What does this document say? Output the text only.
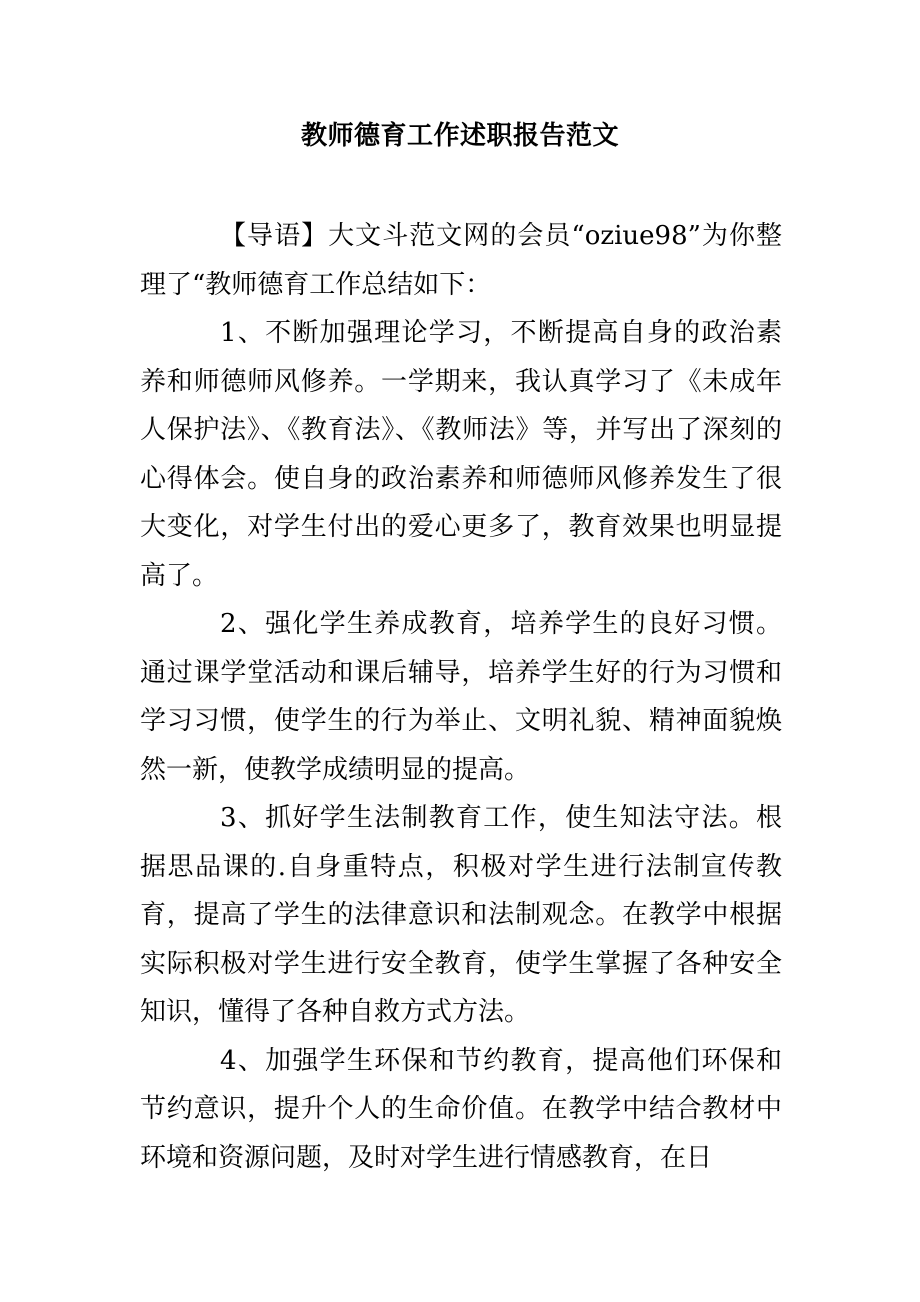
教师德育工作述职报告范文

【导语】大文斗范文网的会员“oziue98”为你整理了“教师德育工作总结如下：

1、不断加强理论学习，不断提高自身的政治素养和师德师风修养。一学期来，我认真学习了《未成年人保护法》、《教育法》、《教师法》等，并写出了深刻的心得体会。使自身的政治素养和师德师风修养发生了很大变化，对学生付出的爱心更多了，教育效果也明显提高了。

2、强化学生养成教育，培养学生的良好习惯。通过课学堂活动和课后辅导，培养学生好的行为习惯和学习习惯，使学生的行为举止、文明礼貌、精神面貌焕然一新，使教学成绩明显的提高。

3、抓好学生法制教育工作，使生知法守法。根据思品课的.自身重特点，积极对学生进行法制宣传教育，提高了学生的法律意识和法制观念。在教学中根据实际积极对学生进行安全教育，使学生掌握了各种安全知识，懂得了各种自救方式方法。

4、加强学生环保和节约教育，提高他们环保和节约意识，提升个人的生命价值。在教学中结合教材中环境和资源问题，及时对学生进行情感教育，在日
